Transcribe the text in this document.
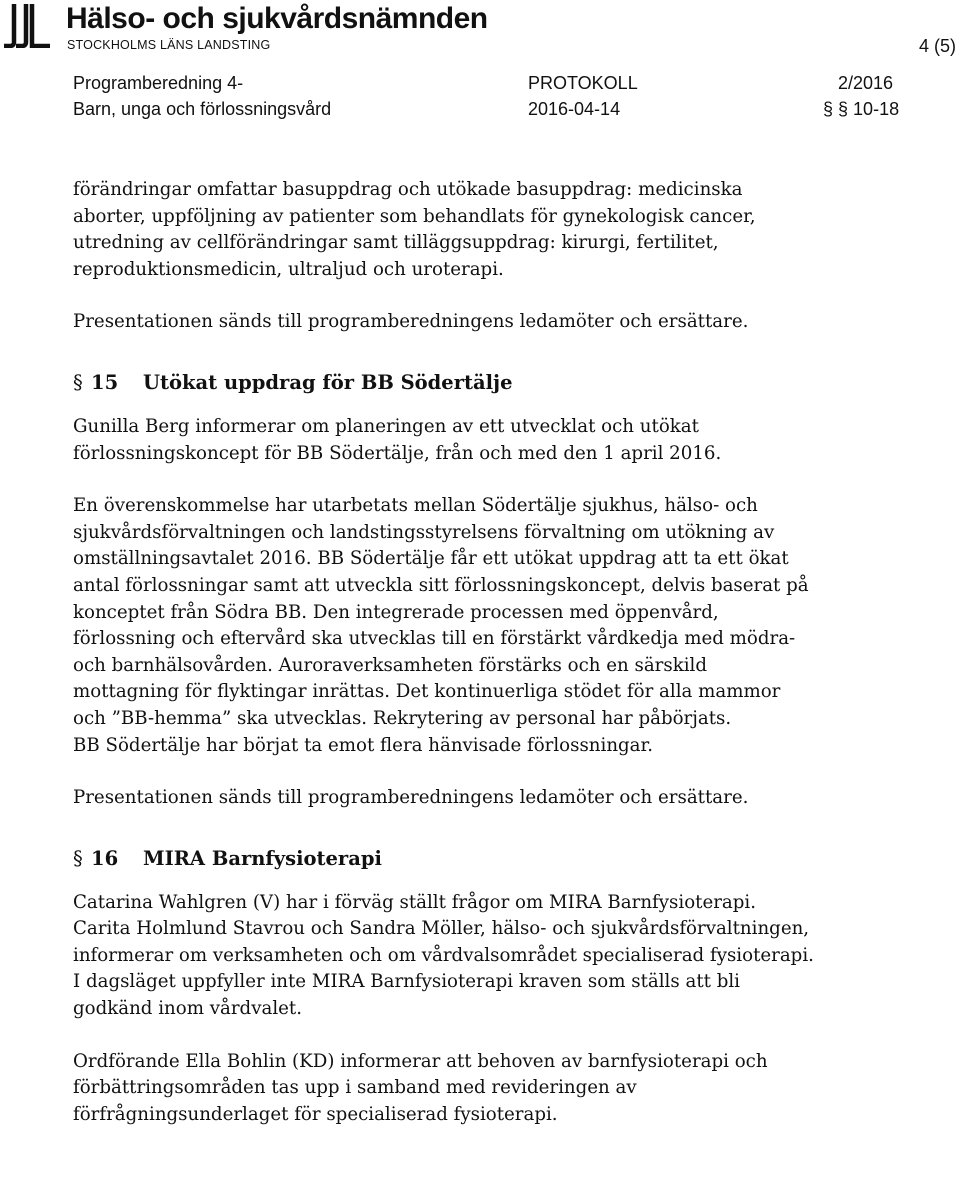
Hälso- och sjukvårdsnämnden
STOCKHOLMS LÄNS LANDSTING	4 (5)
Programberedning 4-
Barn, unga och förlossningsvård
PROTOKOLL
2016-04-14
2/2016
§ § 10-18

förändringar omfattar basuppdrag och utökade basuppdrag: medicinska

aborter, uppföljning av patienter som behandlats för gynekologisk cancer,

utredning av cellförändringar samt tilläggsuppdrag: kirurgi, fertilitet,

reproduktionsmedicin, ultraljud och uroterapi.

Presentationen sänds till programberedningens ledamöter och ersättare.

§ 15 Utökat uppdrag för BB Södertälje

Gunilla Berg informerar om planeringen av ett utvecklat och utökat

förlossningskoncept för BB Södertälje, från och med den 1 april 2016.

En överenskommelse har utarbetats mellan Södertälje sjukhus, hälso- och

sjukvårdsförvaltningen och landstingsstyrelsens förvaltning om utökning av

omställningsavtalet 2016. BB Södertälje får ett utökat uppdrag att ta ett ökat

antal förlossningar samt att utveckla sitt förlossningskoncept, delvis baserat på

konceptet från Södra BB. Den integrerade processen med öppenvård,

förlossning och eftervård ska utvecklas till en förstärkt vårdkedja med mödra-

och barnhälsovården. Auroraverksamheten förstärks och en särskild

mottagning för flyktingar inrättas. Det kontinuerliga stödet för alla mammor

och ”BB-hemma” ska utvecklas. Rekrytering av personal har påbörjats.

BB Södertälje har börjat ta emot flera hänvisade förlossningar.

Presentationen sänds till programberedningens ledamöter och ersättare.

§ 16 MIRA Barnfysioterapi

Catarina Wahlgren (V) har i förväg ställt frågor om MIRA Barnfysioterapi.

Carita Holmlund Stavrou och Sandra Möller, hälso- och sjukvårdsförvaltningen,

informerar om verksamheten och om vårdvalsområdet specialiserad fysioterapi.

I dagsläget uppfyller inte MIRA Barnfysioterapi kraven som ställs att bli

godkänd inom vårdvalet.

Ordförande Ella Bohlin (KD) informerar att behoven av barnfysioterapi och

förbättringsområden tas upp i samband med revideringen av

förfrågningsunderlaget för specialiserad fysioterapi.
